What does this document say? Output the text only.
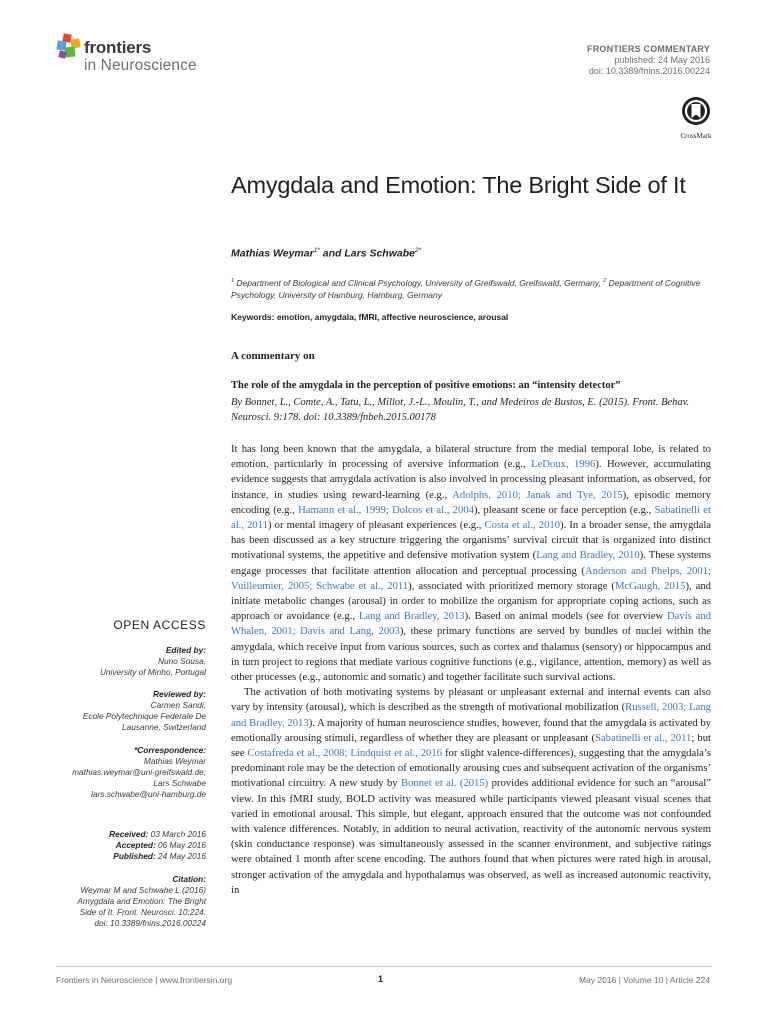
frontiers
in Neuroscience
FRONTIERS COMMENTARY
published: 24 May 2016
doi: 10.3389/fnins.2016.00224
CrossMark
Amygdala and Emotion: The Bright Side of It
Mathias Weymar$^{1*}$ and Lars Schwabe$^{2*}$
$^1$ Department of Biological and Clinical Psychology, University of Greifswald, Greifswald, Germany, $^2$ Department of Cognitive Psychology, University of Hamburg, Hamburg, Germany
Keywords: emotion, amygdala, fMRI, affective neuroscience, arousal
A commentary on
The role of the amygdala in the perception of positive emotions: an “intensity detector”
By Bonnet, L., Comte, A., Tatu, L., Millot, J.-L., Moulin, T., and Medeiros de Bustos, E. (2015). Front. Behav. Neurosci. 9:178. doi: 10.3389/fnbeh.2015.00178

It has long been known that the amygdala, a bilateral structure from the medial temporal lobe, is related to emotion, particularly in processing of aversive information (e.g., LeDoux, 1996). However, accumulating evidence suggests that amygdala activation is also involved in processing pleasant information, as observed, for instance, in studies using reward-learning (e.g., Adolphs, 2010; Janak and Tye, 2015), episodic memory encoding (e.g., Hamann et al., 1999; Dolcos et al., 2004), pleasant scene or face perception (e.g., Sabatinelli et al., 2011) or mental imagery of pleasant experiences (e.g., Costa et al., 2010). In a broader sense, the amygdala has been discussed as a key structure triggering the organisms’ survival circuit that is organized into distinct motivational systems, the appetitive and defensive motivation system (Lang and Bradley, 2010). These systems engage processes that facilitate attention allocation and perceptual processing (Anderson and Phelps, 2001; Vuilleumier, 2005; Schwabe et al., 2011), associated with prioritized memory storage (McGaugh, 2015), and initiate metabolic changes (arousal) in order to mobilize the organism for appropriate coping actions, such as approach or avoidance (e.g., Lang and Bradley, 2013). Based on animal models (see for overview Davis and Whalen, 2001; Davis and Lang, 2003), these primary functions are served by bundles of nuclei within the amygdala, which receive input from various sources, such as cortex and thalamus (sensory) or hippocampus and in turn project to regions that mediate various cognitive functions (e.g., vigilance, attention, memory) as well as other processes (e.g., autonomic and somatic) and together facilitate such survival actions.

The activation of both motivating systems by pleasant or unpleasant external and internal events can also vary by intensity (arousal), which is described as the strength of motivational mobilization (Russell, 2003; Lang and Bradley, 2013). A majority of human neuroscience studies, however, found that the amygdala is activated by emotionally arousing stimuli, regardless of whether they are pleasant or unpleasant (Sabatinelli et al., 2011; but see Costafreda et al., 2008; Lindquist et al., 2016 for slight valence-differences), suggesting that the amygdala’s predominant role may be the detection of emotionally arousing cues and subsequent activation of the organisms’ motivational circuitry. A new study by Bonnet et al. (2015) provides additional evidence for such an “arousal” view. In this fMRI study, BOLD activity was measured while participants viewed pleasant visual scenes that varied in emotional arousal. This simple, but elegant, approach ensured that the outcome was not confounded with valence differences. Notably, in addition to neural activation, reactivity of the autonomic nervous system (skin conductance response) was simultaneously assessed in the scanner environment, and subjective ratings were obtained 1 month after scene encoding. The authors found that when pictures were rated high in arousal, stronger activation of the amygdala and hypothalamus was observed, as well as increased autonomic reactivity, in

OPEN ACCESS
Edited by:
Nuno Sousa,
University of Minho, Portugal
Reviewed by:
Carmen Sandi,
Ecole Polytechnique Federale De
Lausanne, Switzerland
*Correspondence:
Mathias Weymar
mathias.weymar@uni-greifswald.de;
Lars Schwabe
lars.schwabe@uni-hamburg.de
Received: 03 March 2016
Accepted: 06 May 2016
Published: 24 May 2016
Citation:
Weymar M and Schwabe L (2016)
Amygdala and Emotion: The Bright
Side of It. Front. Neurosci. 10:224.
doi: 10.3389/fnins.2016.00224
Frontiers in Neuroscience | www.frontiersin.org	1	May 2016 | Volume 10 | Article 224
